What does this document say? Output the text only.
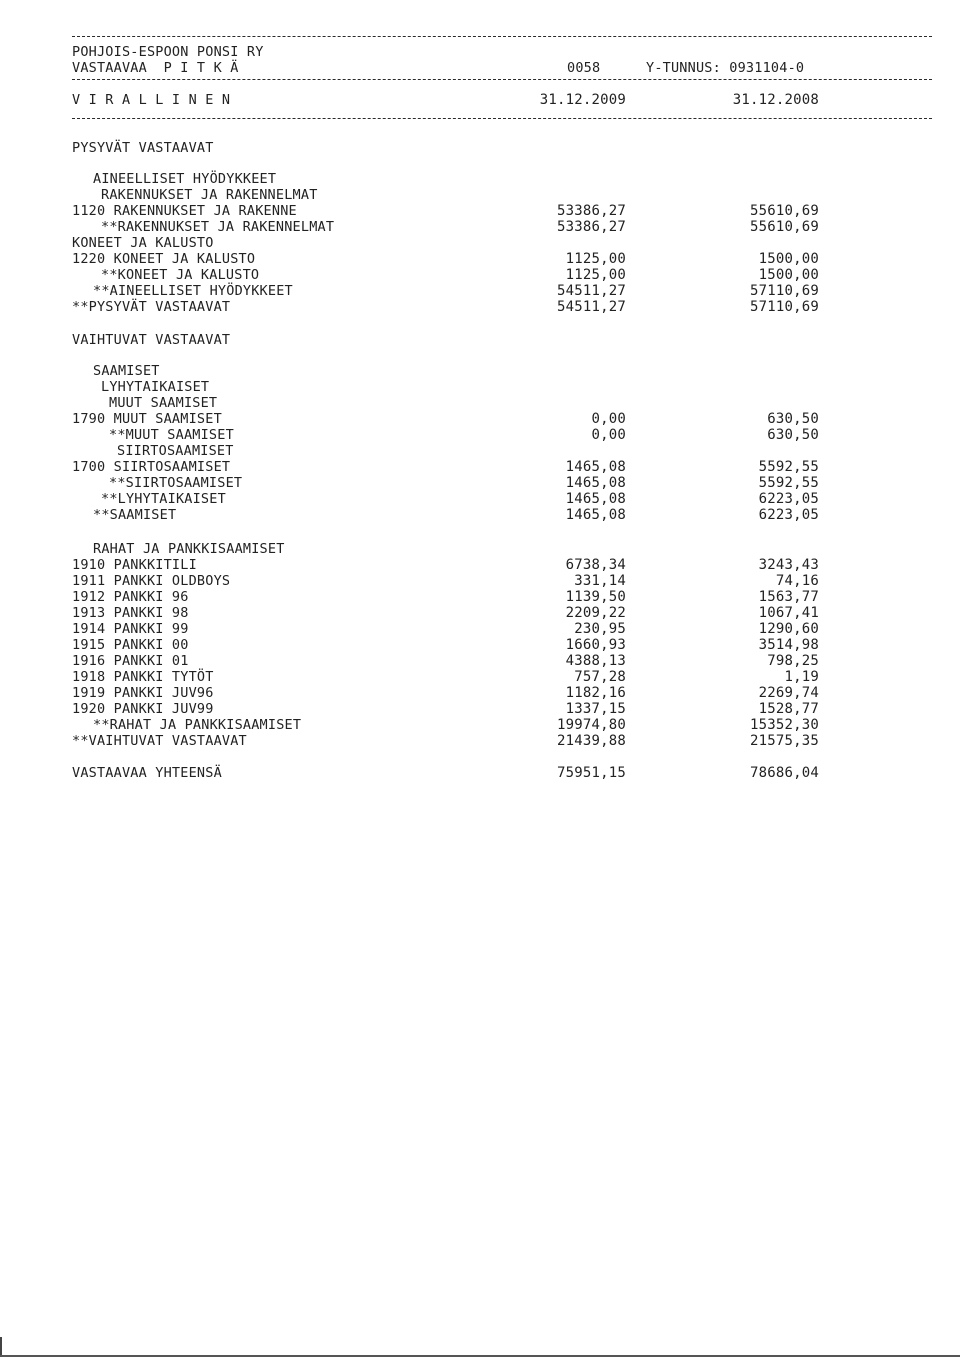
POHJOIS-ESPOON PONSI RY
VASTAAVAA  P I T K Ä	0058	Y-TUNNUS: 0931104-0
V I R A L L I N E N	31.12.2009	31.12.2008
PYSYVÄT VASTAAVAT
AINEELLISET HYÖDYKKEET
RAKENNUKSET JA RAKENNELMAT
1120 RAKENNUKSET JA RAKENNE	53386,27	55610,69
**RAKENNUKSET JA RAKENNELMAT	53386,27	55610,69
KONEET JA KALUSTO
1220 KONEET JA KALUSTO	1125,00	1500,00
**KONEET JA KALUSTO	1125,00	1500,00
**AINEELLISET HYÖDYKKEET	54511,27	57110,69
**PYSYVÄT VASTAAVAT	54511,27	57110,69
VAIHTUVAT VASTAAVAT
SAAMISET
LYHYTAIKAISET
MUUT SAAMISET
1790 MUUT SAAMISET	0,00	630,50
**MUUT SAAMISET	0,00	630,50
SIIRTOSAAMISET
1700 SIIRTOSAAMISET	1465,08	5592,55
**SIIRTOSAAMISET	1465,08	5592,55
**LYHYTAIKAISET	1465,08	6223,05
**SAAMISET	1465,08	6223,05
RAHAT JA PANKKISAAMISET
1910 PANKKITILI	6738,34	3243,43
1911 PANKKI OLDBOYS	331,14	74,16
1912 PANKKI 96	1139,50	1563,77
1913 PANKKI 98	2209,22	1067,41
1914 PANKKI 99	230,95	1290,60
1915 PANKKI 00	1660,93	3514,98
1916 PANKKI 01	4388,13	798,25
1918 PANKKI TYTÖT	757,28	1,19
1919 PANKKI JUV96	1182,16	2269,74
1920 PANKKI JUV99	1337,15	1528,77
**RAHAT JA PANKKISAAMISET	19974,80	15352,30
**VAIHTUVAT VASTAAVAT	21439,88	21575,35
VASTAAVAA YHTEENSÄ	75951,15	78686,04
